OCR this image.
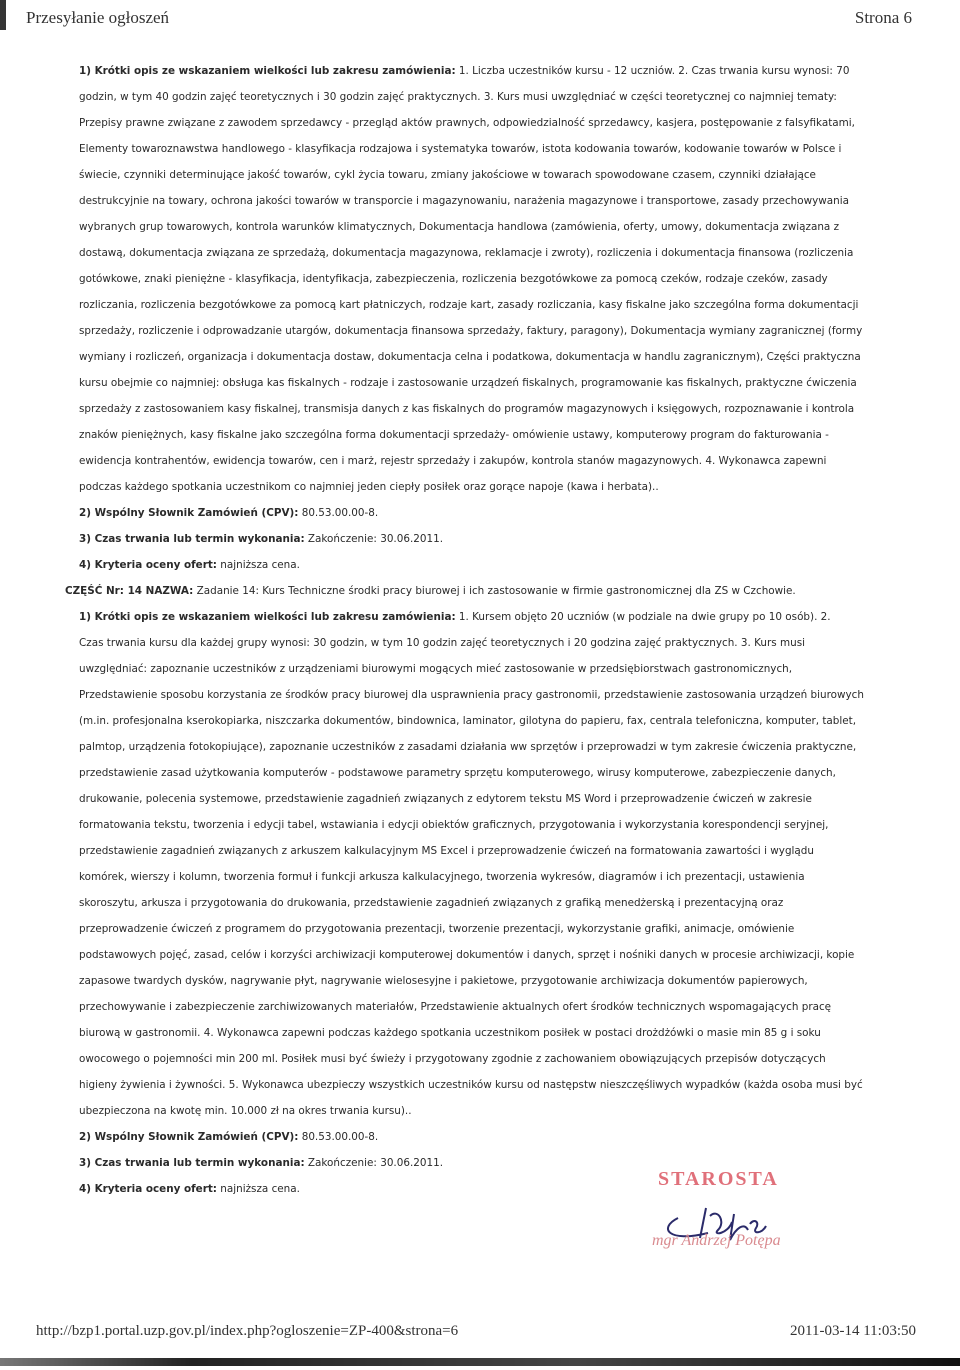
Przesyłanie ogłoszeń	Strona 6
1) Krótki opis ze wskazaniem wielkości lub zakresu zamówienia: 1. Liczba uczestników kursu - 12 uczniów. 2. Czas trwania kursu wynosi: 70
godzin, w tym 40 godzin zajęć teoretycznych i 30 godzin zajęć praktycznych. 3. Kurs musi uwzględniać w części teoretycznej co najmniej tematy:
Przepisy prawne związane z zawodem sprzedawcy - przegląd aktów prawnych, odpowiedzialność sprzedawcy, kasjera, postępowanie z falsyfikatami,
Elementy towaroznawstwa handlowego - klasyfikacja rodzajowa i systematyka towarów, istota kodowania towarów, kodowanie towarów w Polsce i
świecie, czynniki determinujące jakość towarów, cykl życia towaru, zmiany jakościowe w towarach spowodowane czasem, czynniki działające
destrukcyjnie na towary, ochrona jakości towarów w transporcie i magazynowaniu, narażenia magazynowe i transportowe, zasady przechowywania
wybranych grup towarowych, kontrola warunków klimatycznych, Dokumentacja handlowa (zamówienia, oferty, umowy, dokumentacja związana z
dostawą, dokumentacja związana ze sprzedażą, dokumentacja magazynowa, reklamacje i zwroty), rozliczenia i dokumentacja finansowa (rozliczenia
gotówkowe, znaki pieniężne - klasyfikacja, identyfikacja, zabezpieczenia, rozliczenia bezgotówkowe za pomocą czeków, rodzaje czeków, zasady
rozliczania, rozliczenia bezgotówkowe za pomocą kart płatniczych, rodzaje kart, zasady rozliczania, kasy fiskalne jako szczególna forma dokumentacji
sprzedaży, rozliczenie i odprowadzanie utargów, dokumentacja finansowa sprzedaży, faktury, paragony), Dokumentacja wymiany zagranicznej (formy
wymiany i rozliczeń, organizacja i dokumentacja dostaw, dokumentacja celna i podatkowa, dokumentacja w handlu zagranicznym), Części praktyczna
kursu obejmie co najmniej: obsługa kas fiskalnych - rodzaje i zastosowanie urządzeń fiskalnych, programowanie kas fiskalnych, praktyczne ćwiczenia
sprzedaży z zastosowaniem kasy fiskalnej, transmisja danych z kas fiskalnych do programów magazynowych i księgowych, rozpoznawanie i kontrola
znaków pieniężnych, kasy fiskalne jako szczególna forma dokumentacji sprzedaży- omówienie ustawy, komputerowy program do fakturowania -
ewidencja kontrahentów, ewidencja towarów, cen i marż, rejestr sprzedaży i zakupów, kontrola stanów magazynowych. 4. Wykonawca zapewni
podczas każdego spotkania uczestnikom co najmniej jeden ciepły posiłek oraz gorące napoje (kawa i herbata)..
2) Wspólny Słownik Zamówień (CPV): 80.53.00.00-8.
3) Czas trwania lub termin wykonania: Zakończenie: 30.06.2011.
4) Kryteria oceny ofert: najniższa cena.
CZĘŚĆ Nr: 14 NAZWA: Zadanie 14: Kurs Techniczne środki pracy biurowej i ich zastosowanie w firmie gastronomicznej dla ZS w Czchowie.
1) Krótki opis ze wskazaniem wielkości lub zakresu zamówienia: 1. Kursem objęto 20 uczniów (w podziale na dwie grupy po 10 osób). 2.
Czas trwania kursu dla każdej grupy wynosi: 30 godzin, w tym 10 godzin zajęć teoretycznych i 20 godzina zajęć praktycznych. 3. Kurs musi
uwzględniać: zapoznanie uczestników z urządzeniami biurowymi mogących mieć zastosowanie w przedsiębiorstwach gastronomicznych,
Przedstawienie sposobu korzystania ze środków pracy biurowej dla usprawnienia pracy gastronomii, przedstawienie zastosowania urządzeń biurowych
(m.in. profesjonalna kserokopiarka, niszczarka dokumentów, bindownica, laminator, gilotyna do papieru, fax, centrala telefoniczna, komputer, tablet,
palmtop, urządzenia fotokopiujące), zapoznanie uczestników z zasadami działania ww sprzętów i przeprowadzi w tym zakresie ćwiczenia praktyczne,
przedstawienie zasad użytkowania komputerów - podstawowe parametry sprzętu komputerowego, wirusy komputerowe, zabezpieczenie danych,
drukowanie, polecenia systemowe, przedstawienie zagadnień związanych z edytorem tekstu MS Word i przeprowadzenie ćwiczeń w zakresie
formatowania tekstu, tworzenia i edycji tabel, wstawiania i edycji obiektów graficznych, przygotowania i wykorzystania korespondencji seryjnej,
przedstawienie zagadnień związanych z arkuszem kalkulacyjnym MS Excel i przeprowadzenie ćwiczeń na formatowania zawartości i wyglądu
komórek, wierszy i kolumn, tworzenia formuł i funkcji arkusza kalkulacyjnego, tworzenia wykresów, diagramów i ich prezentacji, ustawienia
skoroszytu, arkusza i przygotowania do drukowania, przedstawienie zagadnień związanych z grafiką menedżerską i prezentacyjną oraz
przeprowadzenie ćwiczeń z programem do przygotowania prezentacji, tworzenie prezentacji, wykorzystanie grafiki, animacje, omówienie
podstawowych pojęć, zasad, celów i korzyści archiwizacji komputerowej dokumentów i danych, sprzęt i nośniki danych w procesie archiwizacji, kopie
zapasowe twardych dysków, nagrywanie płyt, nagrywanie wielosesyjne i pakietowe, przygotowanie archiwizacja dokumentów papierowych,
przechowywanie i zabezpieczenie zarchiwizowanych materiałów, Przedstawienie aktualnych ofert środków technicznych wspomagających pracę
biurową w gastronomii. 4. Wykonawca zapewni podczas każdego spotkania uczestnikom posiłek w postaci drożdżówki o masie min 85 g i soku
owocowego o pojemności min 200 ml. Posiłek musi być świeży i przygotowany zgodnie z zachowaniem obowiązujących przepisów dotyczących
higieny żywienia i żywności. 5. Wykonawca ubezpieczy wszystkich uczestników kursu od następstw nieszczęśliwych wypadków (każda osoba musi być
ubezpieczona na kwotę min. 10.000 zł na okres trwania kursu)..
2) Wspólny Słownik Zamówień (CPV): 80.53.00.00-8.
3) Czas trwania lub termin wykonania: Zakończenie: 30.06.2011.
4) Kryteria oceny ofert: najniższa cena.	STAROSTA
mgr Andrzej Potępa
http://bzp1.portal.uzp.gov.pl/index.php?ogloszenie=ZP-400&strona=6	2011-03-14 11:03:50
